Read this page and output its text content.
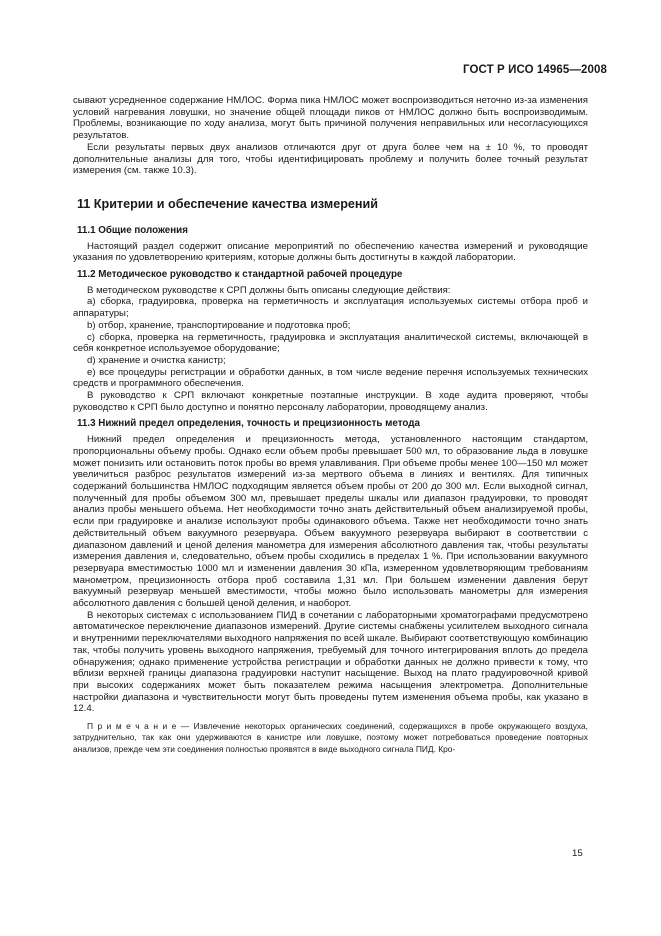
ГОСТ Р ИСО 14965—2008

сывают усредненное содержание НМЛОС. Форма пика НМЛОС может воспроизводиться неточно из-за изменения условий нагревания ловушки, но значение общей площади пиков от НМЛОС должно быть воспроизводимым. Проблемы, возникающие по ходу анализа, могут быть причиной получения неправильных или несогласующихся результатов.

Если результаты первых двух анализов отличаются друг от друга более чем на ± 10 %, то проводят дополнительные анализы для того, чтобы идентифицировать проблему и получить более точный результат измерения (см. также 10.3).

11 Критерии и обеспечение качества измерений

11.1 Общие положения

Настоящий раздел содержит описание мероприятий по обеспечению качества измерений и руководящие указания по удовлетворению критериям, которые должны быть достигнуты в каждой лаборатории.

11.2 Методическое руководство к стандартной рабочей процедуре

В методическом руководстве к СРП должны быть описаны следующие действия:

a) сборка, градуировка, проверка на герметичность и эксплуатация используемых системы отбора проб и аппаратуры;

b) отбор, хранение, транспортирование и подготовка проб;

c) сборка, проверка на герметичность, градуировка и эксплуатация аналитической системы, включающей в себя конкретное используемое оборудование;

d) хранение и очистка канистр;

e) все процедуры регистрации и обработки данных, в том числе ведение перечня используемых технических средств и программного обеспечения.

В руководство к СРП включают конкретные поэтапные инструкции. В ходе аудита проверяют, чтобы руководство к СРП было доступно и понятно персоналу лаборатории, проводящему анализ.

11.3 Нижний предел определения, точность и прецизионность метода

Нижний предел определения и прецизионность метода, установленного настоящим стандартом, пропорциональны объему пробы. Однако если объем пробы превышает 500 мл, то образование льда в ловушке может понизить или остановить поток пробы во время улавливания. При объеме пробы менее 100—150 мл может увеличиться разброс результатов измерений из-за мертвого объема в линиях и вентилях. Для типичных содержаний большинства НМЛОС подходящим является объем пробы от 200 до 300 мл. Если выходной сигнал, полученный для пробы объемом 300 мл, превышает пределы шкалы или диапазон градуировки, то проводят анализ пробы меньшего объема. Нет необходимости точно знать действительный объем анализируемой пробы, если при градуировке и анализе используют пробы одинакового объема. Также нет необходимости точно знать действительный объем вакуумного резервуара. Объем вакуумного резервуара выбирают в соответствии с диапазоном давлений и ценой деления манометра для измерения абсолютного давления так, чтобы результаты измерения давления и, следовательно, объем пробы сходились в пределах 1 %. При использовании вакуумного резервуара вместимостью 1000 мл и изменении давления 30 кПа, измеренном удовлетворяющим требованиям манометром, прецизионность отбора проб составила 1,31 мл. При большем изменении давления берут вакуумный резервуар меньшей вместимости, чтобы можно было использовать манометры для измерения абсолютного давления с большей ценой деления, и наоборот.

В некоторых системах с использованием ПИД в сочетании с лабораторными хроматографами предусмотрено автоматическое переключение диапазонов измерений. Другие системы снабжены усилителем выходного сигнала и внутренними переключателями выходного напряжения по всей шкале. Выбирают соответствующую комбинацию так, чтобы получить уровень выходного напряжения, требуемый для точного интегрирования вплоть до предела обнаружения; однако применение устройства регистрации и обработки данных не должно привести к тому, что вблизи верхней границы диапазона градуировки наступит насыщение. Выход на плато градуировочной кривой при высоких содержаниях может быть показателем режима насыщения электрометра. Дополнительные настройки диапазона и чувствительности могут быть проведены путем изменения объема пробы, как указано в 12.4.

П р и м е ч а н и е — Извлечение некоторых органических соединений, содержащихся в пробе окружающего воздуха, затруднительно, так как они удерживаются в канистре или ловушке, поэтому может потребоваться проведение повторных анализов, прежде чем эти соединения полностью проявятся в виде выходного сигнала ПИД. Кро-

15
